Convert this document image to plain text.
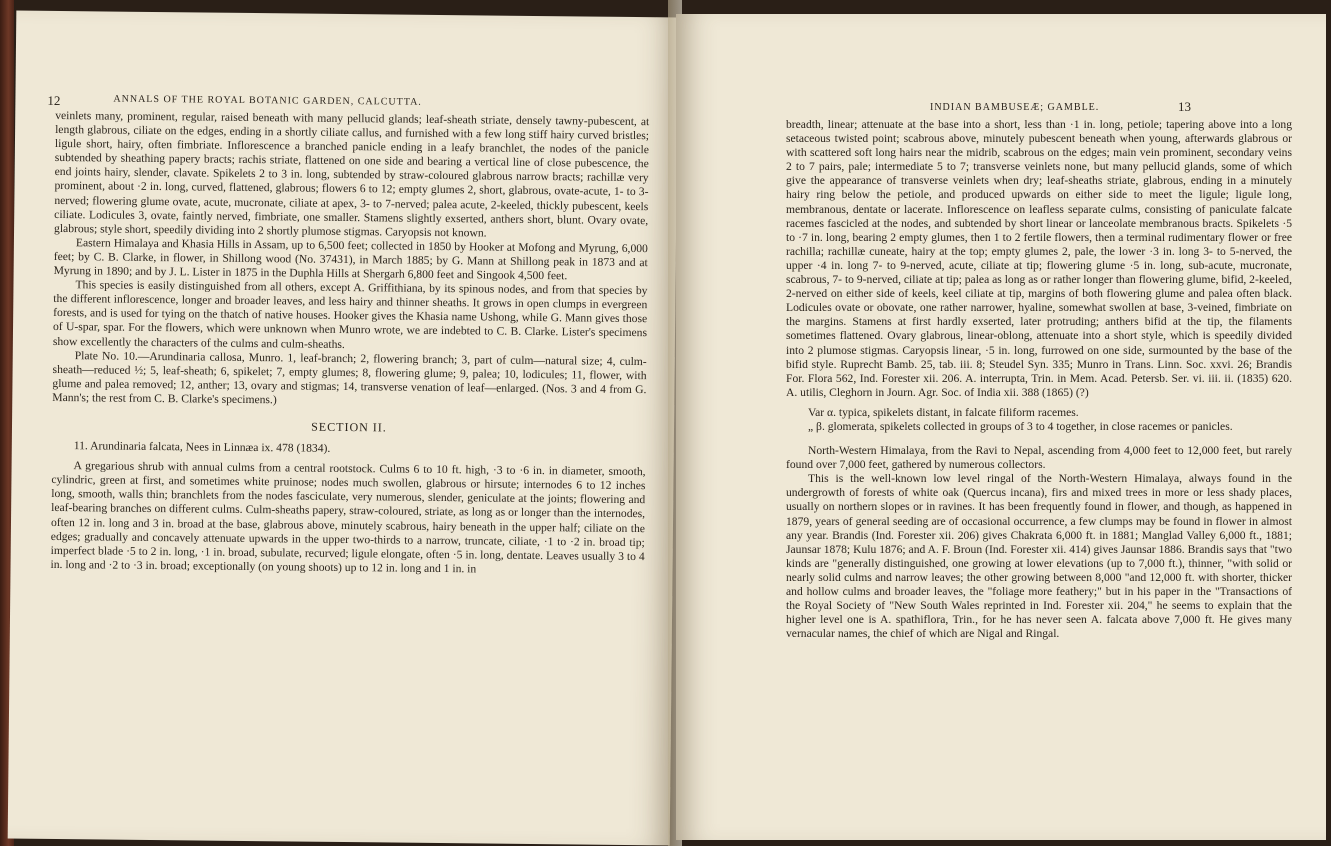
12	ANNALS OF THE ROYAL BOTANIC GARDEN, CALCUTTA.

veinlets many, prominent, regular, raised beneath with many pellucid glands; leaf-sheath striate, densely tawny-pubescent, at length glabrous, ciliate on the edges, ending in a shortly ciliate callus, and furnished with a few long stiff hairy curved bristles; ligule short, hairy, often fimbriate. Inflorescence a branched panicle ending in a leafy branchlet, the nodes of the panicle subtended by sheathing papery bracts; rachis striate, flattened on one side and bearing a vertical line of close pubescence, the end joints hairy, slender, clavate. Spikelets 2 to 3 in. long, subtended by straw-coloured glabrous narrow bracts; rachillæ very prominent, about ·2 in. long, curved, flattened, glabrous; flowers 6 to 12; empty glumes 2, short, glabrous, ovate-acute, 1- to 3-nerved; flowering glume ovate, acute, mucronate, ciliate at apex, 3- to 7-nerved; palea acute, 2-keeled, thickly pubescent, keels ciliate. Lodicules 3, ovate, faintly nerved, fimbriate, one smaller. Stamens slightly exserted, anthers short, blunt. Ovary ovate, glabrous; style short, speedily dividing into 2 shortly plumose stigmas. Caryopsis not known.

Eastern Himalaya and Khasia Hills in Assam, up to 6,500 feet; collected in 1850 by Hooker at Mofong and Myrung, 6,000 feet; by C. B. Clarke, in flower, in Shillong wood (No. 37431), in March 1885; by G. Mann at Shillong peak in 1873 and at Myrung in 1890; and by J. L. Lister in 1875 in the Duphla Hills at Shergarh 6,800 feet and Singook 4,500 feet.

This species is easily distinguished from all others, except A. Griffithiana, by its spinous nodes, and from that species by the different inflorescence, longer and broader leaves, and less hairy and thinner sheaths. It grows in open clumps in evergreen forests, and is used for tying on the thatch of native houses. Hooker gives the Khasia name Ushong, while G. Mann gives those of U-spar, spar. For the flowers, which were unknown when Munro wrote, we are indebted to C. B. Clarke. Lister's specimens show excellently the characters of the culms and culm-sheaths.

Plate No. 10.—Arundinaria callosa, Munro. 1, leaf-branch; 2, flowering branch; 3, part of culm—natural size; 4, culm-sheath—reduced ½; 5, leaf-sheath; 6, spikelet; 7, empty glumes; 8, flowering glume; 9, palea; 10, lodicules; 11, flower, with glume and palea removed; 12, anther; 13, ovary and stigmas; 14, transverse venation of leaf—enlarged. (Nos. 3 and 4 from G. Mann's; the rest from C. B. Clarke's specimens.)

SECTION II.

11. Arundinaria falcata, Nees in Linnæa ix. 478 (1834).

A gregarious shrub with annual culms from a central rootstock. Culms 6 to 10 ft. high, ·3 to ·6 in. in diameter, smooth, cylindric, green at first, and sometimes white pruinose; nodes much swollen, glabrous or hirsute; internodes 6 to 12 inches long, smooth, walls thin; branchlets from the nodes fasciculate, very numerous, slender, geniculate at the joints; flowering and leaf-bearing branches on different culms. Culm-sheaths papery, straw-coloured, striate, as long as or longer than the internodes, often 12 in. long and 3 in. broad at the base, glabrous above, minutely scabrous, hairy beneath in the upper half; ciliate on the edges; gradually and concavely attenuate upwards in the upper two-thirds to a narrow, truncate, ciliate, ·1 to ·2 in. broad tip; imperfect blade ·5 to 2 in. long, ·1 in. broad, subulate, recurved; ligule elongate, often ·5 in. long, dentate. Leaves usually 3 to 4 in. long and ·2 to ·3 in. broad; exceptionally (on young shoots) up to 12 in. long and 1 in. in

INDIAN BAMBUSEÆ; GAMBLE.	13

breadth, linear; attenuate at the base into a short, less than ·1 in. long, petiole; tapering above into a long setaceous twisted point; scabrous above, minutely pubescent beneath when young, afterwards glabrous or with scattered soft long hairs near the midrib, scabrous on the edges; main vein prominent, secondary veins 2 to 7 pairs, pale; intermediate 5 to 7; transverse veinlets none, but many pellucid glands, some of which give the appearance of transverse veinlets when dry; leaf-sheaths striate, glabrous, ending in a minutely hairy ring below the petiole, and produced upwards on either side to meet the ligule; ligule long, membranous, dentate or lacerate. Inflorescence on leafless separate culms, consisting of paniculate falcate racemes fascicled at the nodes, and subtended by short linear or lanceolate membranous bracts. Spikelets ·5 to ·7 in. long, bearing 2 empty glumes, then 1 to 2 fertile flowers, then a terminal rudimentary flower or free rachilla; rachillæ cuneate, hairy at the top; empty glumes 2, pale, the lower ·3 in. long 3- to 5-nerved, the upper ·4 in. long 7- to 9-nerved, acute, ciliate at tip; flowering glume ·5 in. long, sub-acute, mucronate, scabrous, 7- to 9-nerved, ciliate at tip; palea as long as or rather longer than flowering glume, bifid, 2-keeled, 2-nerved on either side of keels, keel ciliate at tip, margins of both flowering glume and palea often black. Lodicules ovate or obovate, one rather narrower, hyaline, somewhat swollen at base, 3-veined, fimbriate on the margins. Stamens at first hardly exserted, later protruding; anthers bifid at the tip, the filaments sometimes flattened. Ovary glabrous, linear-oblong, attenuate into a short style, which is speedily divided into 2 plumose stigmas. Caryopsis linear, ·5 in. long, furrowed on one side, surmounted by the base of the bifid style. Ruprecht Bamb. 25, tab. iii. 8; Steudel Syn. 335; Munro in Trans. Linn. Soc. xxvi. 26; Brandis For. Flora 562, Ind. Forester xii. 206. A. interrupta, Trin. in Mem. Acad. Petersb. Ser. vi. iii. ii. (1835) 620. A. utilis, Cleghorn in Journ. Agr. Soc. of India xii. 388 (1865) (?)

Var α. typica, spikelets distant, in falcate filiform racemes.

„ β. glomerata, spikelets collected in groups of 3 to 4 together, in close racemes or panicles.

North-Western Himalaya, from the Ravi to Nepal, ascending from 4,000 feet to 12,000 feet, but rarely found over 7,000 feet, gathered by numerous collectors.

This is the well-known low level ringal of the North-Western Himalaya, always found in the undergrowth of forests of white oak (Quercus incana), firs and mixed trees in more or less shady places, usually on northern slopes or in ravines. It has been frequently found in flower, and though, as happened in 1879, years of general seeding are of occasional occurrence, a few clumps may be found in flower in almost any year. Brandis (Ind. Forester xii. 206) gives Chakrata 6,000 ft. in 1881; Manglad Valley 6,000 ft., 1881; Jaunsar 1878; Kulu 1876; and A. F. Broun (Ind. Forester xii. 414) gives Jaunsar 1886. Brandis says that "two kinds are "generally distinguished, one growing at lower elevations (up to 7,000 ft.), thinner, "with solid or nearly solid culms and narrow leaves; the other growing between 8,000 "and 12,000 ft. with shorter, thicker and hollow culms and broader leaves, the "foliage more feathery;" but in his paper in the "Transactions of the Royal Society of "New South Wales reprinted in Ind. Forester xii. 204," he seems to explain that the higher level one is A. spathiflora, Trin., for he has never seen A. falcata above 7,000 ft. He gives many vernacular names, the chief of which are Nigal and Ringal.
